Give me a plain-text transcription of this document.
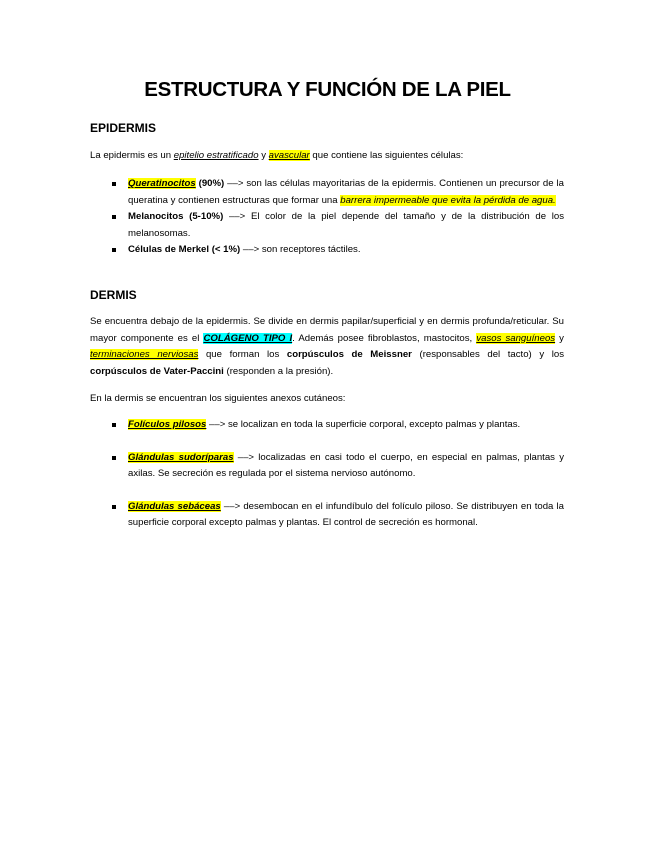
ESTRUCTURA Y FUNCIÓN DE LA PIEL
EPIDERMIS

La epidermis es un epitelio estratificado y avascular que contiene las siguientes células:

Queratinocitos (90%) ––> son las células mayoritarias de la epidermis. Contienen un precursor de la queratina y contienen estructuras que formar una barrera impermeable que evita la pérdida de agua.
Melanocitos (5-10%) ––> El color de la piel depende del tamaño y de la distribución de los melanosomas.
Células de Merkel (< 1%) ––> son receptores táctiles.
DERMIS

Se encuentra debajo de la epidermis. Se divide en dermis papilar/superficial y en dermis profunda/reticular. Su mayor componente es el COLÁGENO TIPO I. Además posee fibroblastos, mastocitos, vasos sanguíneos y terminaciones nerviosas que forman los corpúsculos de Meissner (responsables del tacto) y los corpúsculos de Vater-Paccini (responden a la presión).

En la dermis se encuentran los siguientes anexos cutáneos:

Folículos pilosos ––> se localizan en toda la superficie corporal, excepto palmas y plantas.
Glándulas sudoríparas ––> localizadas en casi todo el cuerpo, en especial en palmas, plantas y axilas. Se secreción es regulada por el sistema nervioso autónomo.
Glándulas sebáceas ––> desembocan en el infundíbulo del folículo piloso. Se distribuyen en toda la superficie corporal excepto palmas y plantas. El control de secreción es hormonal.
